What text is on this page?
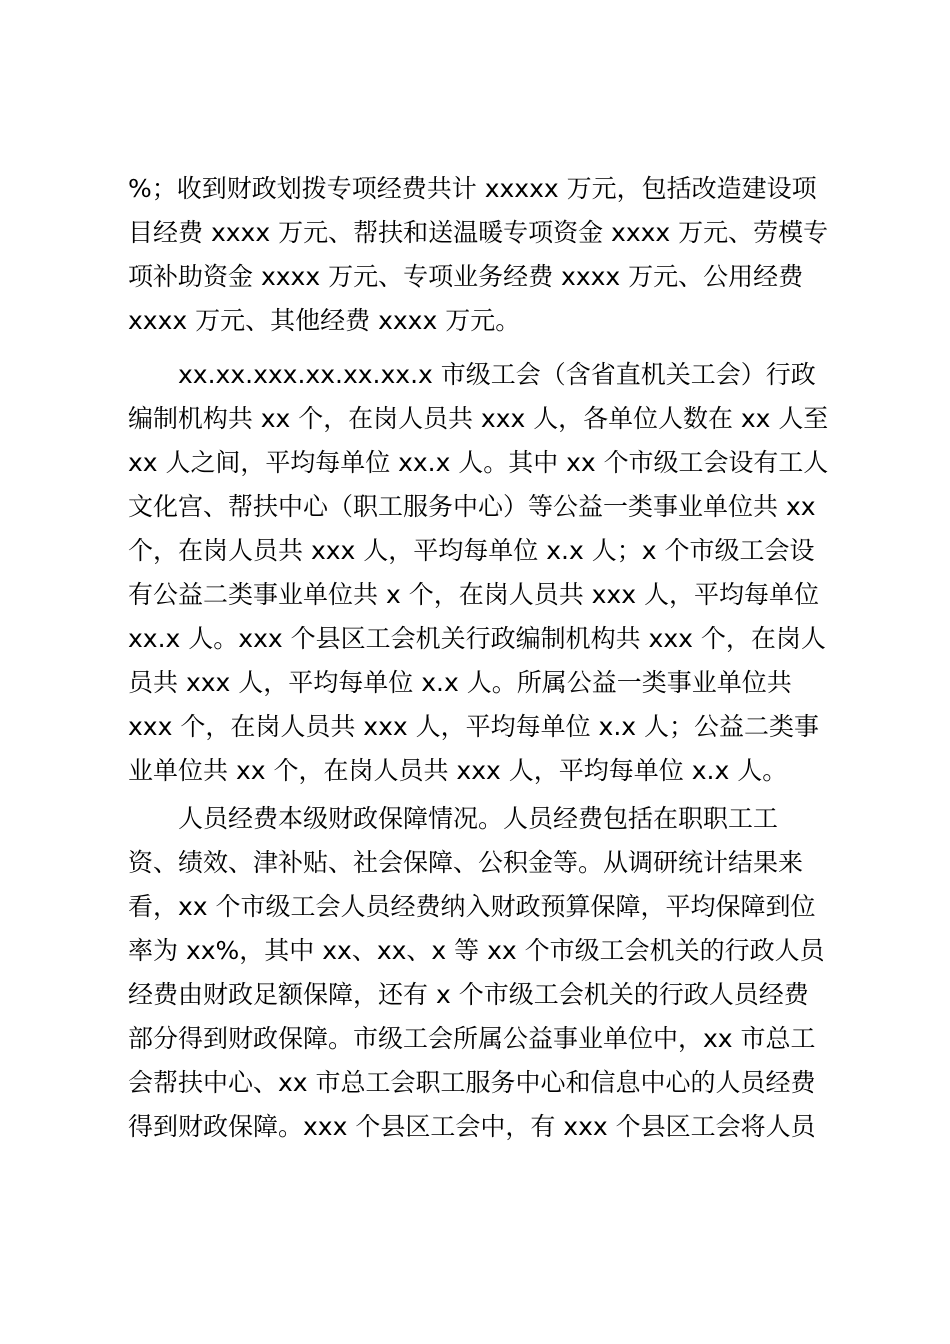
%；收到财政划拨专项经费共计 xxxxx 万元，包括改造建设项
目经费 xxxx 万元、帮扶和送温暖专项资金 xxxx 万元、劳模专
项补助资金 xxxx 万元、专项业务经费 xxxx 万元、公用经费
xxxx 万元、其他经费 xxxx 万元。
xx.xx.xxx.xx.xx.xx.x 市级工会（含省直机关工会）行政
编制机构共 xx 个，在岗人员共 xxx 人，各单位人数在 xx 人至
xx 人之间，平均每单位 xx.x 人。其中 xx 个市级工会设有工人
文化宫、帮扶中心（职工服务中心）等公益一类事业单位共 xx
个，在岗人员共 xxx 人，平均每单位 x.x 人；x 个市级工会设
有公益二类事业单位共 x 个，在岗人员共 xxx 人，平均每单位
xx.x 人。xxx 个县区工会机关行政编制机构共 xxx 个，在岗人
员共 xxx 人，平均每单位 x.x 人。所属公益一类事业单位共
xxx 个，在岗人员共 xxx 人，平均每单位 x.x 人；公益二类事
业单位共 xx 个，在岗人员共 xxx 人，平均每单位 x.x 人。
人员经费本级财政保障情况。人员经费包括在职职工工
资、绩效、津补贴、社会保障、公积金等。从调研统计结果来
看，xx 个市级工会人员经费纳入财政预算保障，平均保障到位
率为 xx%，其中 xx、xx、x 等 xx 个市级工会机关的行政人员
经费由财政足额保障，还有 x 个市级工会机关的行政人员经费
部分得到财政保障。市级工会所属公益事业单位中，xx 市总工
会帮扶中心、xx 市总工会职工服务中心和信息中心的人员经费
得到财政保障。xxx 个县区工会中，有 xxx 个县区工会将人员
